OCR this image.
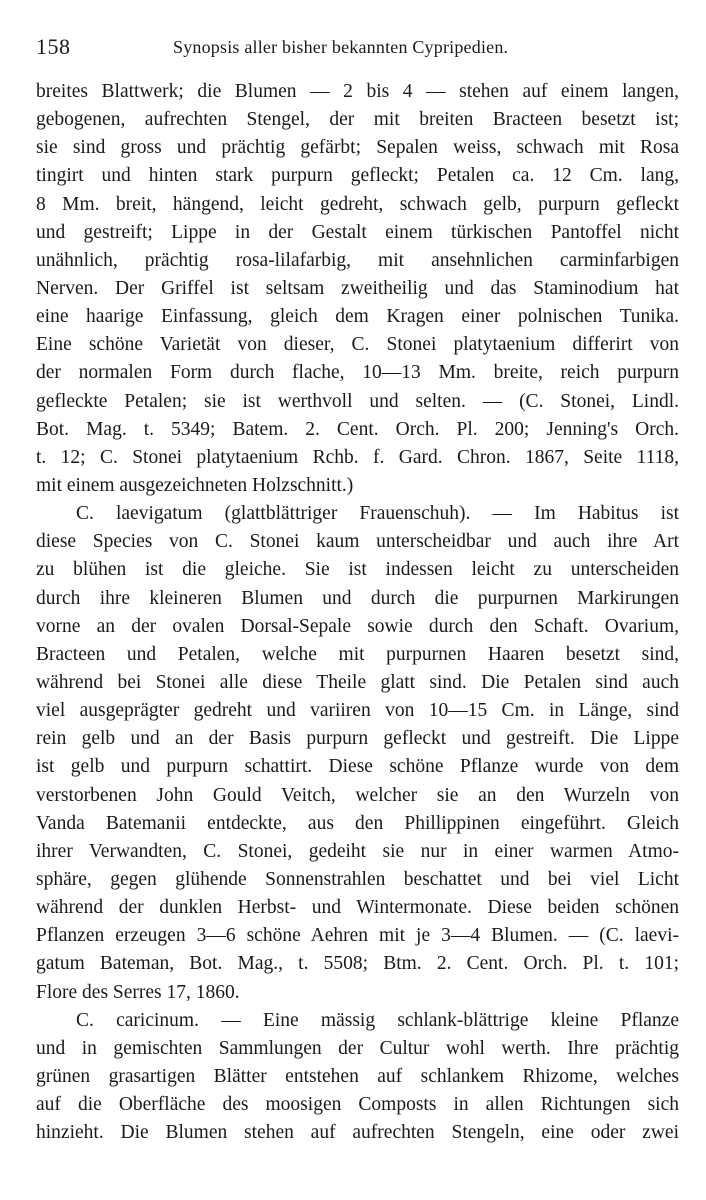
158	Synopsis aller bisher bekannten Cypripedien.
breites Blattwerk; die Blumen — 2 bis 4 — stehen auf einem langen,
gebogenen, aufrechten Stengel, der mit breiten Bracteen besetzt ist;
sie sind gross und prächtig gefärbt; Sepalen weiss, schwach mit Rosa
tingirt und hinten stark purpurn gefleckt; Petalen ca. 12 Cm. lang,
8 Mm. breit, hängend, leicht gedreht, schwach gelb, purpurn gefleckt
und gestreift; Lippe in der Gestalt einem türkischen Pantoffel nicht
unähnlich, prächtig rosa-lilafarbig, mit ansehnlichen carminfarbigen
Nerven. Der Griffel ist seltsam zweitheilig und das Staminodium hat
eine haarige Einfassung, gleich dem Kragen einer polnischen Tunika.
Eine schöne Varietät von dieser, C. Stonei platytaenium differirt von
der normalen Form durch flache, 10—13 Mm. breite, reich purpurn
gefleckte Petalen; sie ist werthvoll und selten. — (C. Stonei, Lindl.
Bot. Mag. t. 5349; Batem. 2. Cent. Orch. Pl. 200; Jenning's Orch.
t. 12; C. Stonei platytaenium Rchb. f. Gard. Chron. 1867, Seite 1118,
mit einem ausgezeichneten Holzschnitt.)
C. laevigatum (glattblättriger Frauenschuh). — Im Habitus ist
diese Species von C. Stonei kaum unterscheidbar und auch ihre Art
zu blühen ist die gleiche. Sie ist indessen leicht zu unterscheiden
durch ihre kleineren Blumen und durch die purpurnen Markirungen
vorne an der ovalen Dorsal-Sepale sowie durch den Schaft. Ovarium,
Bracteen und Petalen, welche mit purpurnen Haaren besetzt sind,
während bei Stonei alle diese Theile glatt sind. Die Petalen sind auch
viel ausgeprägter gedreht und variiren von 10—15 Cm. in Länge, sind
rein gelb und an der Basis purpurn gefleckt und gestreift. Die Lippe
ist gelb und purpurn schattirt. Diese schöne Pflanze wurde von dem
verstorbenen John Gould Veitch, welcher sie an den Wurzeln von
Vanda Batemanii entdeckte, aus den Phillippinen eingeführt. Gleich
ihrer Verwandten, C. Stonei, gedeiht sie nur in einer warmen Atmo-
sphäre, gegen glühende Sonnenstrahlen beschattet und bei viel Licht
während der dunklen Herbst- und Wintermonate. Diese beiden schönen
Pflanzen erzeugen 3—6 schöne Aehren mit je 3—4 Blumen. — (C. laevi-
gatum Bateman, Bot. Mag., t. 5508; Btm. 2. Cent. Orch. Pl. t. 101;
Flore des Serres 17, 1860.
C. caricinum. — Eine mässig schlank-blättrige kleine Pflanze
und in gemischten Sammlungen der Cultur wohl werth. Ihre prächtig
grünen grasartigen Blätter entstehen auf schlankem Rhizome, welches
auf die Oberfläche des moosigen Composts in allen Richtungen sich
hinzieht. Die Blumen stehen auf aufrechten Stengeln, eine oder zwei
